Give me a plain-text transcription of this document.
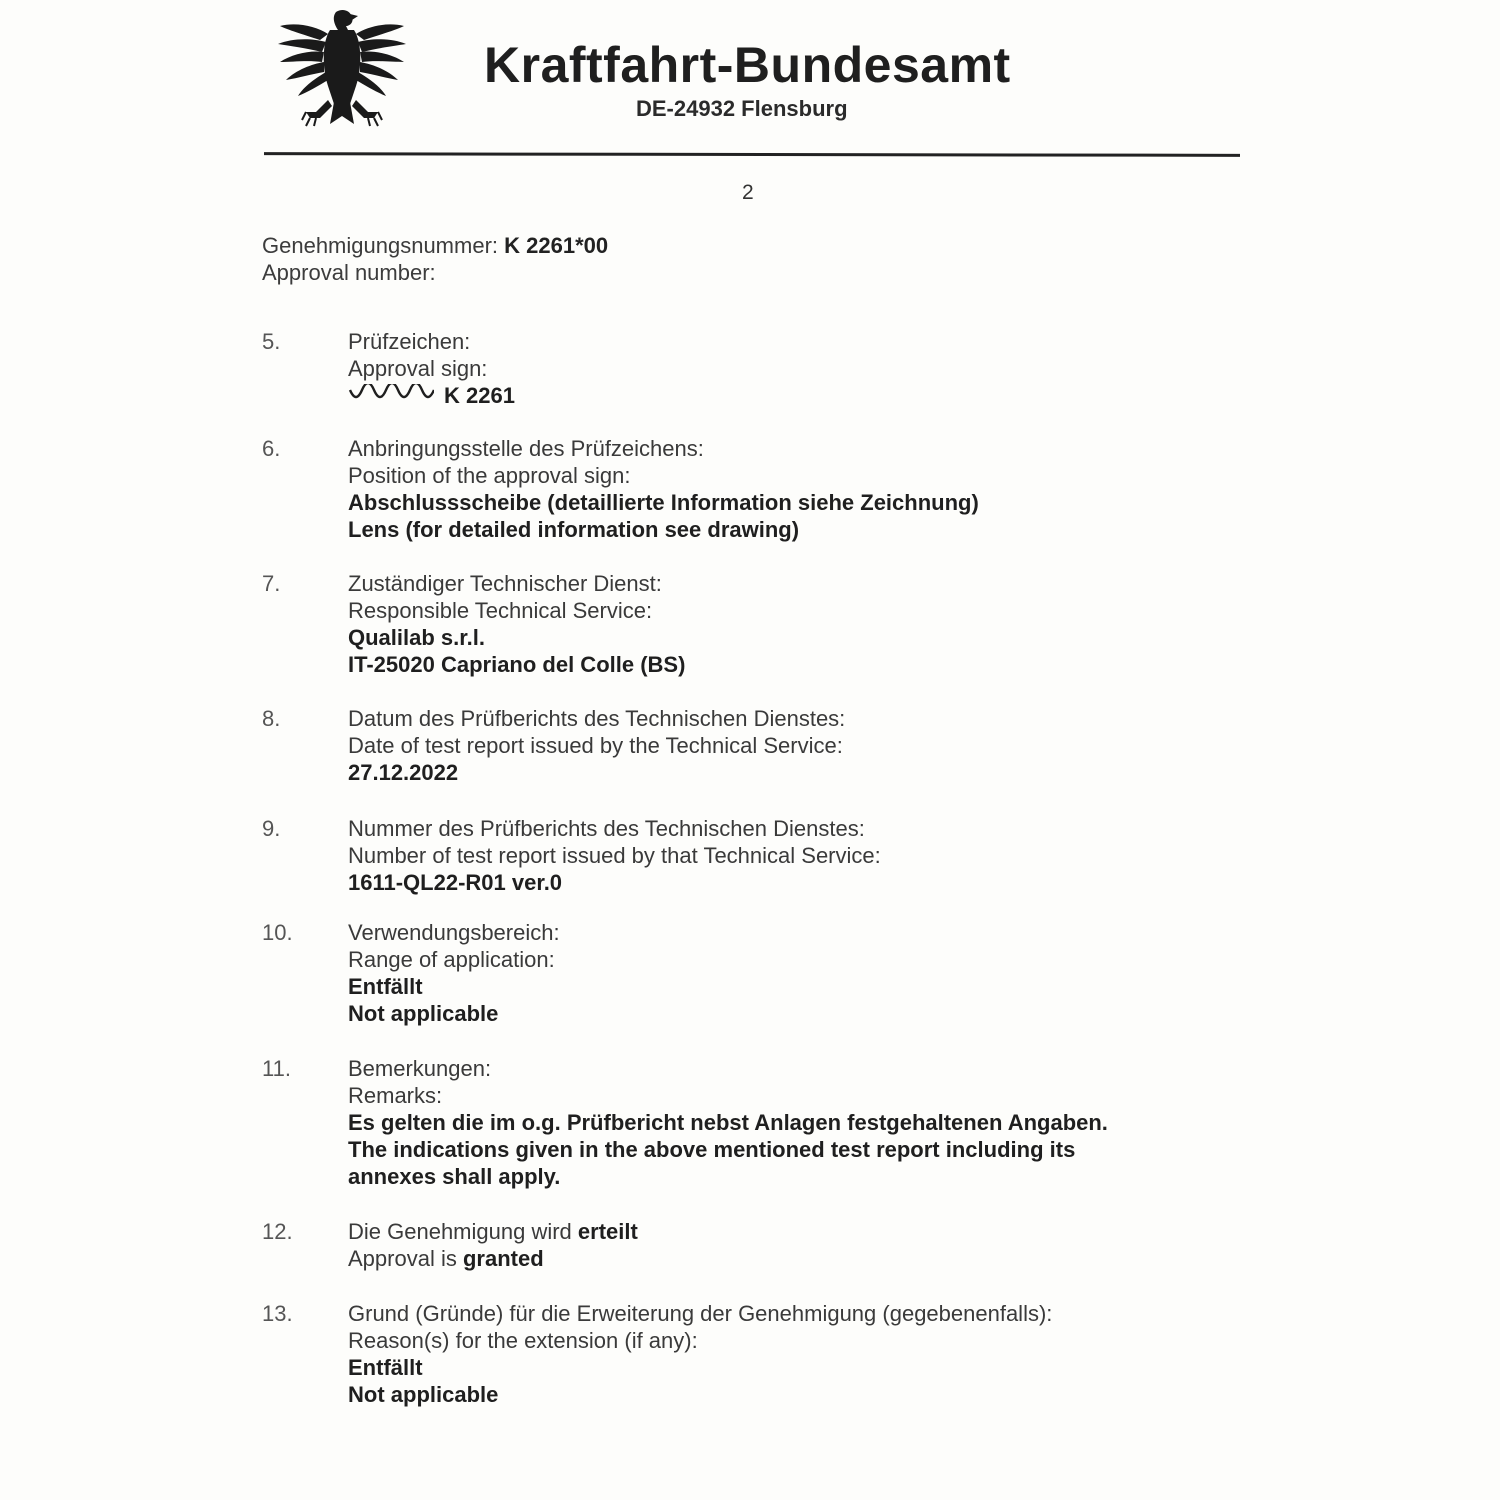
Kraftfahrt-Bundesamt
DE-24932 Flensburg
2
Genehmigungsnummer: K 2261*00
Approval number:
5.	Prüfzeichen:
Approval sign:
K 2261
6.	Anbringungsstelle des Prüfzeichens:
Position of the approval sign:
Abschlussscheibe (detaillierte Information siehe Zeichnung)
Lens (for detailed information see drawing)
7.	Zuständiger Technischer Dienst:
Responsible Technical Service:
Qualilab s.r.l.
IT-25020 Capriano del Colle (BS)
8.	Datum des Prüfberichts des Technischen Dienstes:
Date of test report issued by the Technical Service:
27.12.2022
9.	Nummer des Prüfberichts des Technischen Dienstes:
Number of test report issued by that Technical Service:
1611-QL22-R01 ver.0
10.	Verwendungsbereich:
Range of application:
Entfällt
Not applicable
11.	Bemerkungen:
Remarks:
Es gelten die im o.g. Prüfbericht nebst Anlagen festgehaltenen Angaben.
The indications given in the above mentioned test report including its
annexes shall apply.
12.	Die Genehmigung wird erteilt
Approval is granted
13.	Grund (Gründe) für die Erweiterung der Genehmigung (gegebenenfalls):
Reason(s) for the extension (if any):
Entfällt
Not applicable
